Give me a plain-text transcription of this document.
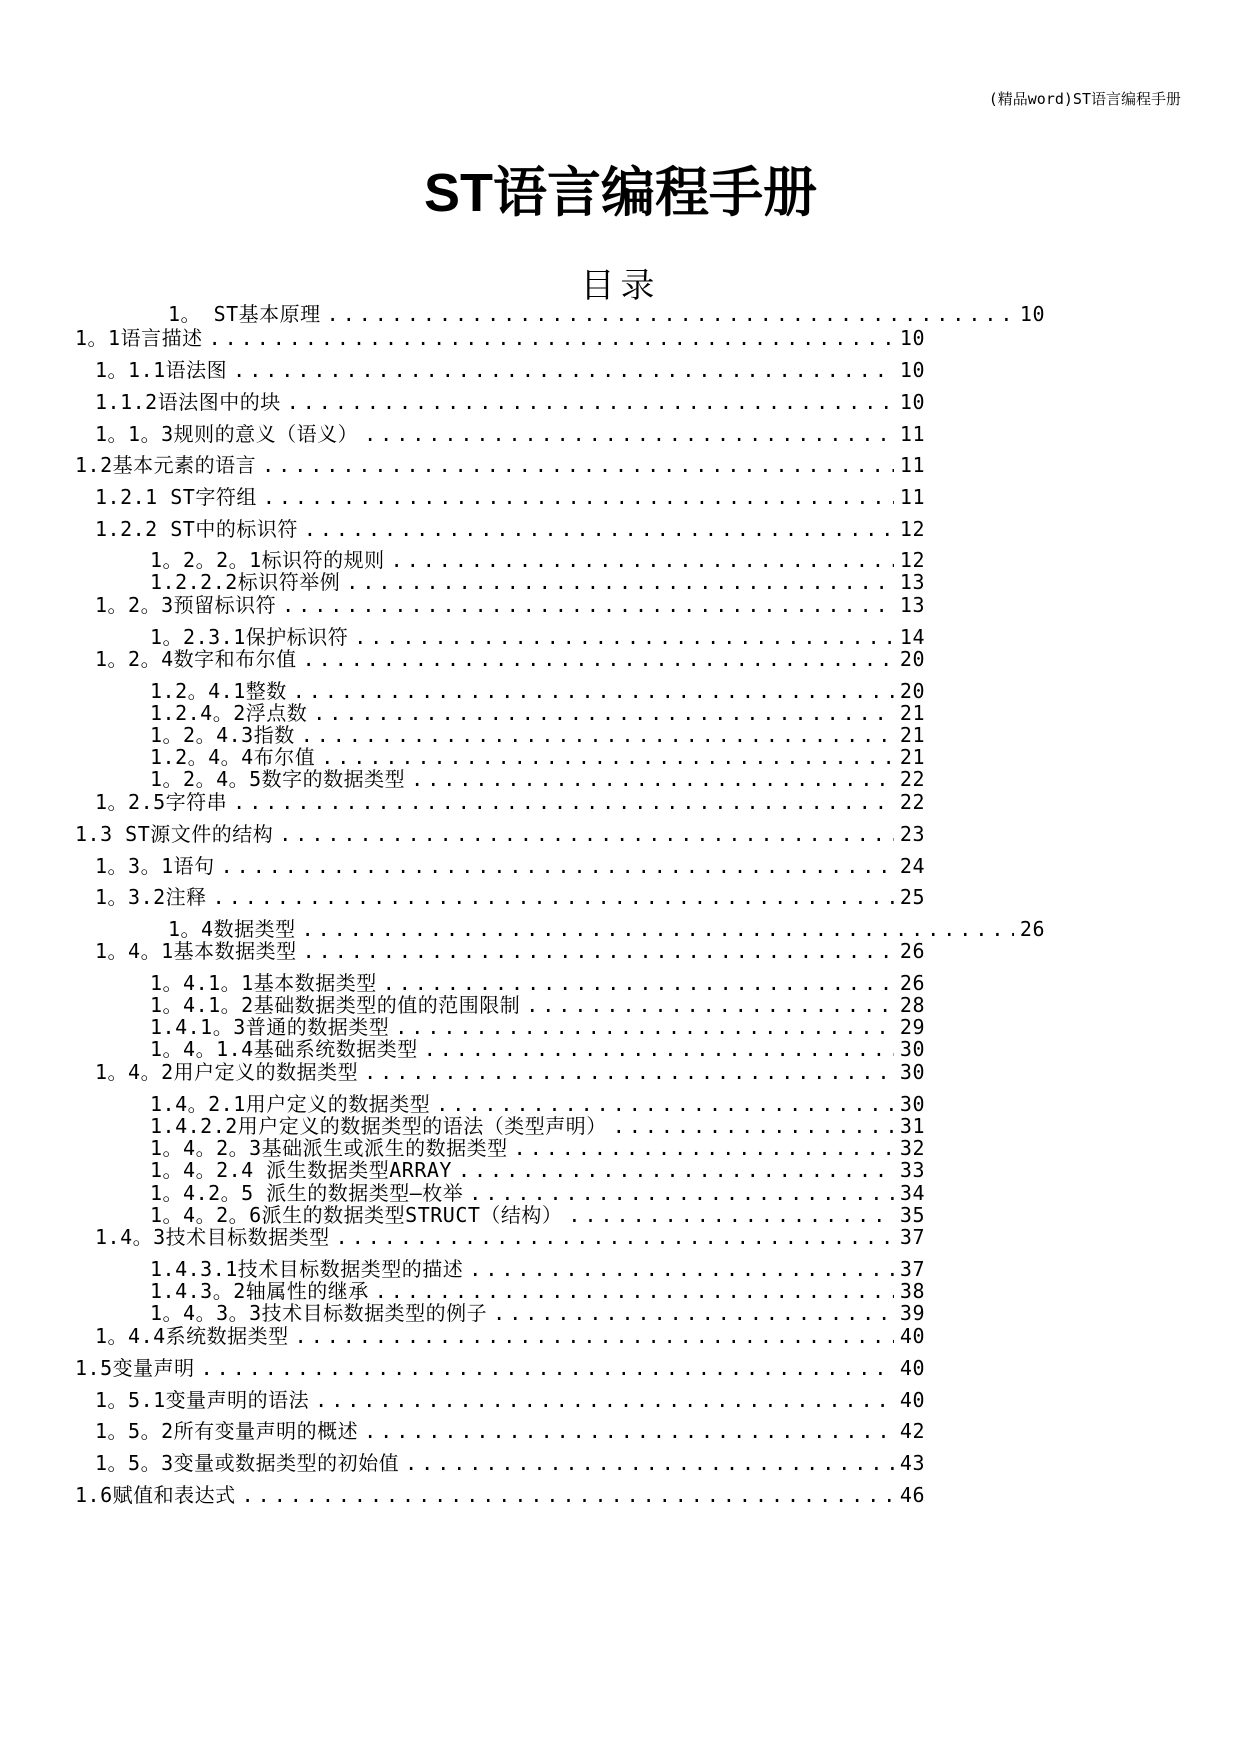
(精品word)ST语言编程手册
ST语言编程手册
目录
1。 ST基本原理 .....	10
1。1语言描述 .....	10
1。1.1语法图 .....	10
1.1.2语法图中的块 .....	10
1。1。3规则的意义（语义） .....	11
1.2基本元素的语言 .....	11
1.2.1 ST字符组 .....	11
1.2.2 ST中的标识符 .....	12
1。2。2。1标识符的规则 .....	12
1.2.2.2标识符举例 .....	13
1。2。3预留标识符 .....	13
1。2.3.1保护标识符 .....	14
1。2。4数字和布尔值 .....	20
1.2。4.1整数 .....	20
1.2.4。2浮点数 .....	21
1。2。4.3指数 .....	21
1.2。4。4布尔值 .....	21
1。2。4。5数字的数据类型 .....	22
1。2.5字符串 .....	22
1.3 ST源文件的结构 .....	23
1。3。1语句 .....	24
1。3.2注释 .....	25
1。4数据类型 .....	26
1。4。1基本数据类型 .....	26
1。4.1。1基本数据类型 .....	26
1。4.1。2基础数据类型的值的范围限制 .....	28
1.4.1。3普通的数据类型 .....	29
1。4。1.4基础系统数据类型 .....	30
1。4。2用户定义的数据类型 .....	30
1.4。2.1用户定义的数据类型 .....	30
1.4.2.2用户定义的数据类型的语法（类型声明） .....	31
1。4。2。3基础派生或派生的数据类型 .....	32
1。4。2.4 派生数据类型ARRAY .....	33
1。4.2。5 派生的数据类型—枚举 .....	34
1。4。2。6派生的数据类型STRUCT（结构） .....	35
1.4。3技术目标数据类型 .....	37
1.4.3.1技术目标数据类型的描述 .....	37
1.4.3。2轴属性的继承 .....	38
1。4。3。3技术目标数据类型的例子 .....	39
1。4.4系统数据类型 .....	40
1.5变量声明 .....	40
1。5.1变量声明的语法 .....	40
1。5。2所有变量声明的概述 .....	42
1。5。3变量或数据类型的初始值 .....	43
1.6赋值和表达式 .....	46
